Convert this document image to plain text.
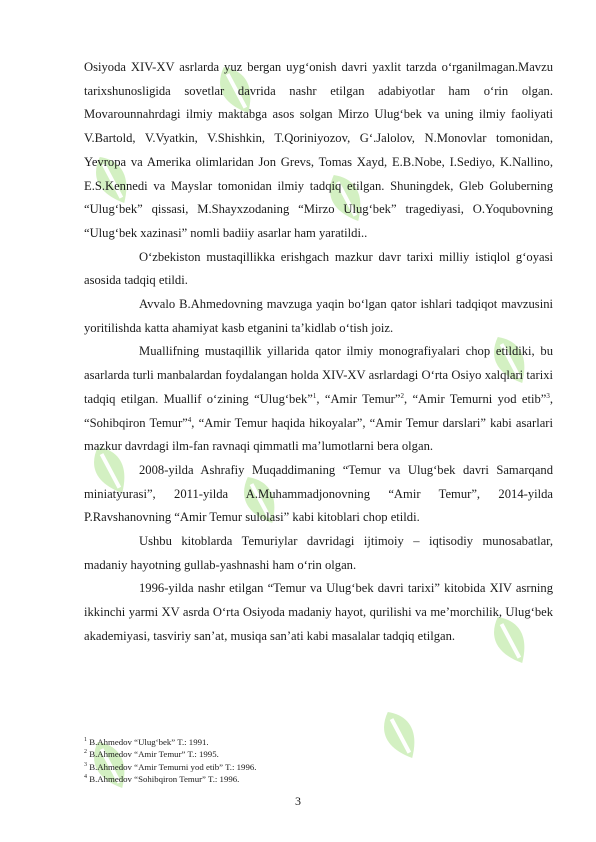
Osiyoda XIV-XV asrlarda yuz bergan uyg‘onish davri yaxlit tarzda o‘rganilmagan.Mavzu tarixshunosligida sovetlar davrida nashr etilgan adabiyotlar ham o‘rin olgan. Movarounnahrdagi ilmiy maktabga asos solgan Mirzo Ulug‘bek va uning ilmiy faoliyati V.Bartold, V.Vyatkin, V.Shishkin, T.Qoriniyozov, G‘.Jalolov, N.Monovlar tomonidan, Yevropa va Amerika olimlaridan Jon Grevs, Tomas Xayd, E.B.Nobe, I.Sediyo, K.Nallino, E.S.Kennedi va Mayslar tomonidan ilmiy tadqiq etilgan. Shuningdek, Gleb Goluberning “Ulug‘bek” qissasi, M.Shayxzodaning “Mirzo Ulug‘bek” tragediyasi, O.Yoqubovning “Ulug‘bek xazinasi” nomli badiiy asarlar ham yaratildi..

O‘zbekiston mustaqillikka erishgach mazkur davr tarixi milliy istiqlol g‘oyasi asosida tadqiq etildi.

Avvalo B.Ahmedovning mavzuga yaqin bo‘lgan qator ishlari tadqiqot mavzusini yoritilishda katta ahamiyat kasb etganini ta’kidlab o‘tish joiz.

Muallifning mustaqillik yillarida qator ilmiy monografiyalari chop etildiki, bu asarlarda turli manbalardan foydalangan holda XIV-XV asrlardagi O‘rta Osiyo xalqlari tarixi tadqiq etilgan. Muallif o‘zining “Ulug‘bek”$^1$, “Amir Temur”$^2$, “Amir Temurni yod etib”$^3$, “Sohibqiron Temur”$^4$, “Amir Temur haqida hikoyalar”, “Amir Temur darslari” kabi asarlari mazkur davrdagi ilm-fan ravnaqi qimmatli ma’lumotlarni bera olgan.

2008-yilda Ashrafiy Muqaddimaning “Temur va Ulug‘bek davri Samarqand miniatyurasi”, 2011-yilda A.Muhammadjonovning “Amir Temur”, 2014-yilda P.Ravshanovning “Amir Temur sulolasi” kabi kitoblari chop etildi.

Ushbu kitoblarda Temuriylar davridagi ijtimoiy – iqtisodiy munosabatlar, madaniy hayotning gullab-yashnashi ham o‘rin olgan.

1996-yilda nashr etilgan “Temur va Ulug‘bek davri tarixi” kitobida XIV asrning ikkinchi yarmi XV asrda O‘rta Osiyoda madaniy hayot, qurilishi va me’morchilik, Ulug‘bek akademiyasi, tasviriy san’at, musiqa san’ati kabi masalalar tadqiq etilgan.

$^1$ B.Ahmedov “Ulug‘bek” T.: 1991.
$^2$ B.Ahmedov “Amir Temur” T.: 1995.
$^3$ B.Ahmedov “Amir Temurni yod etib” T.: 1996.
$^4$ B.Ahmedov “Sohibqiron Temur” T.: 1996.
3
